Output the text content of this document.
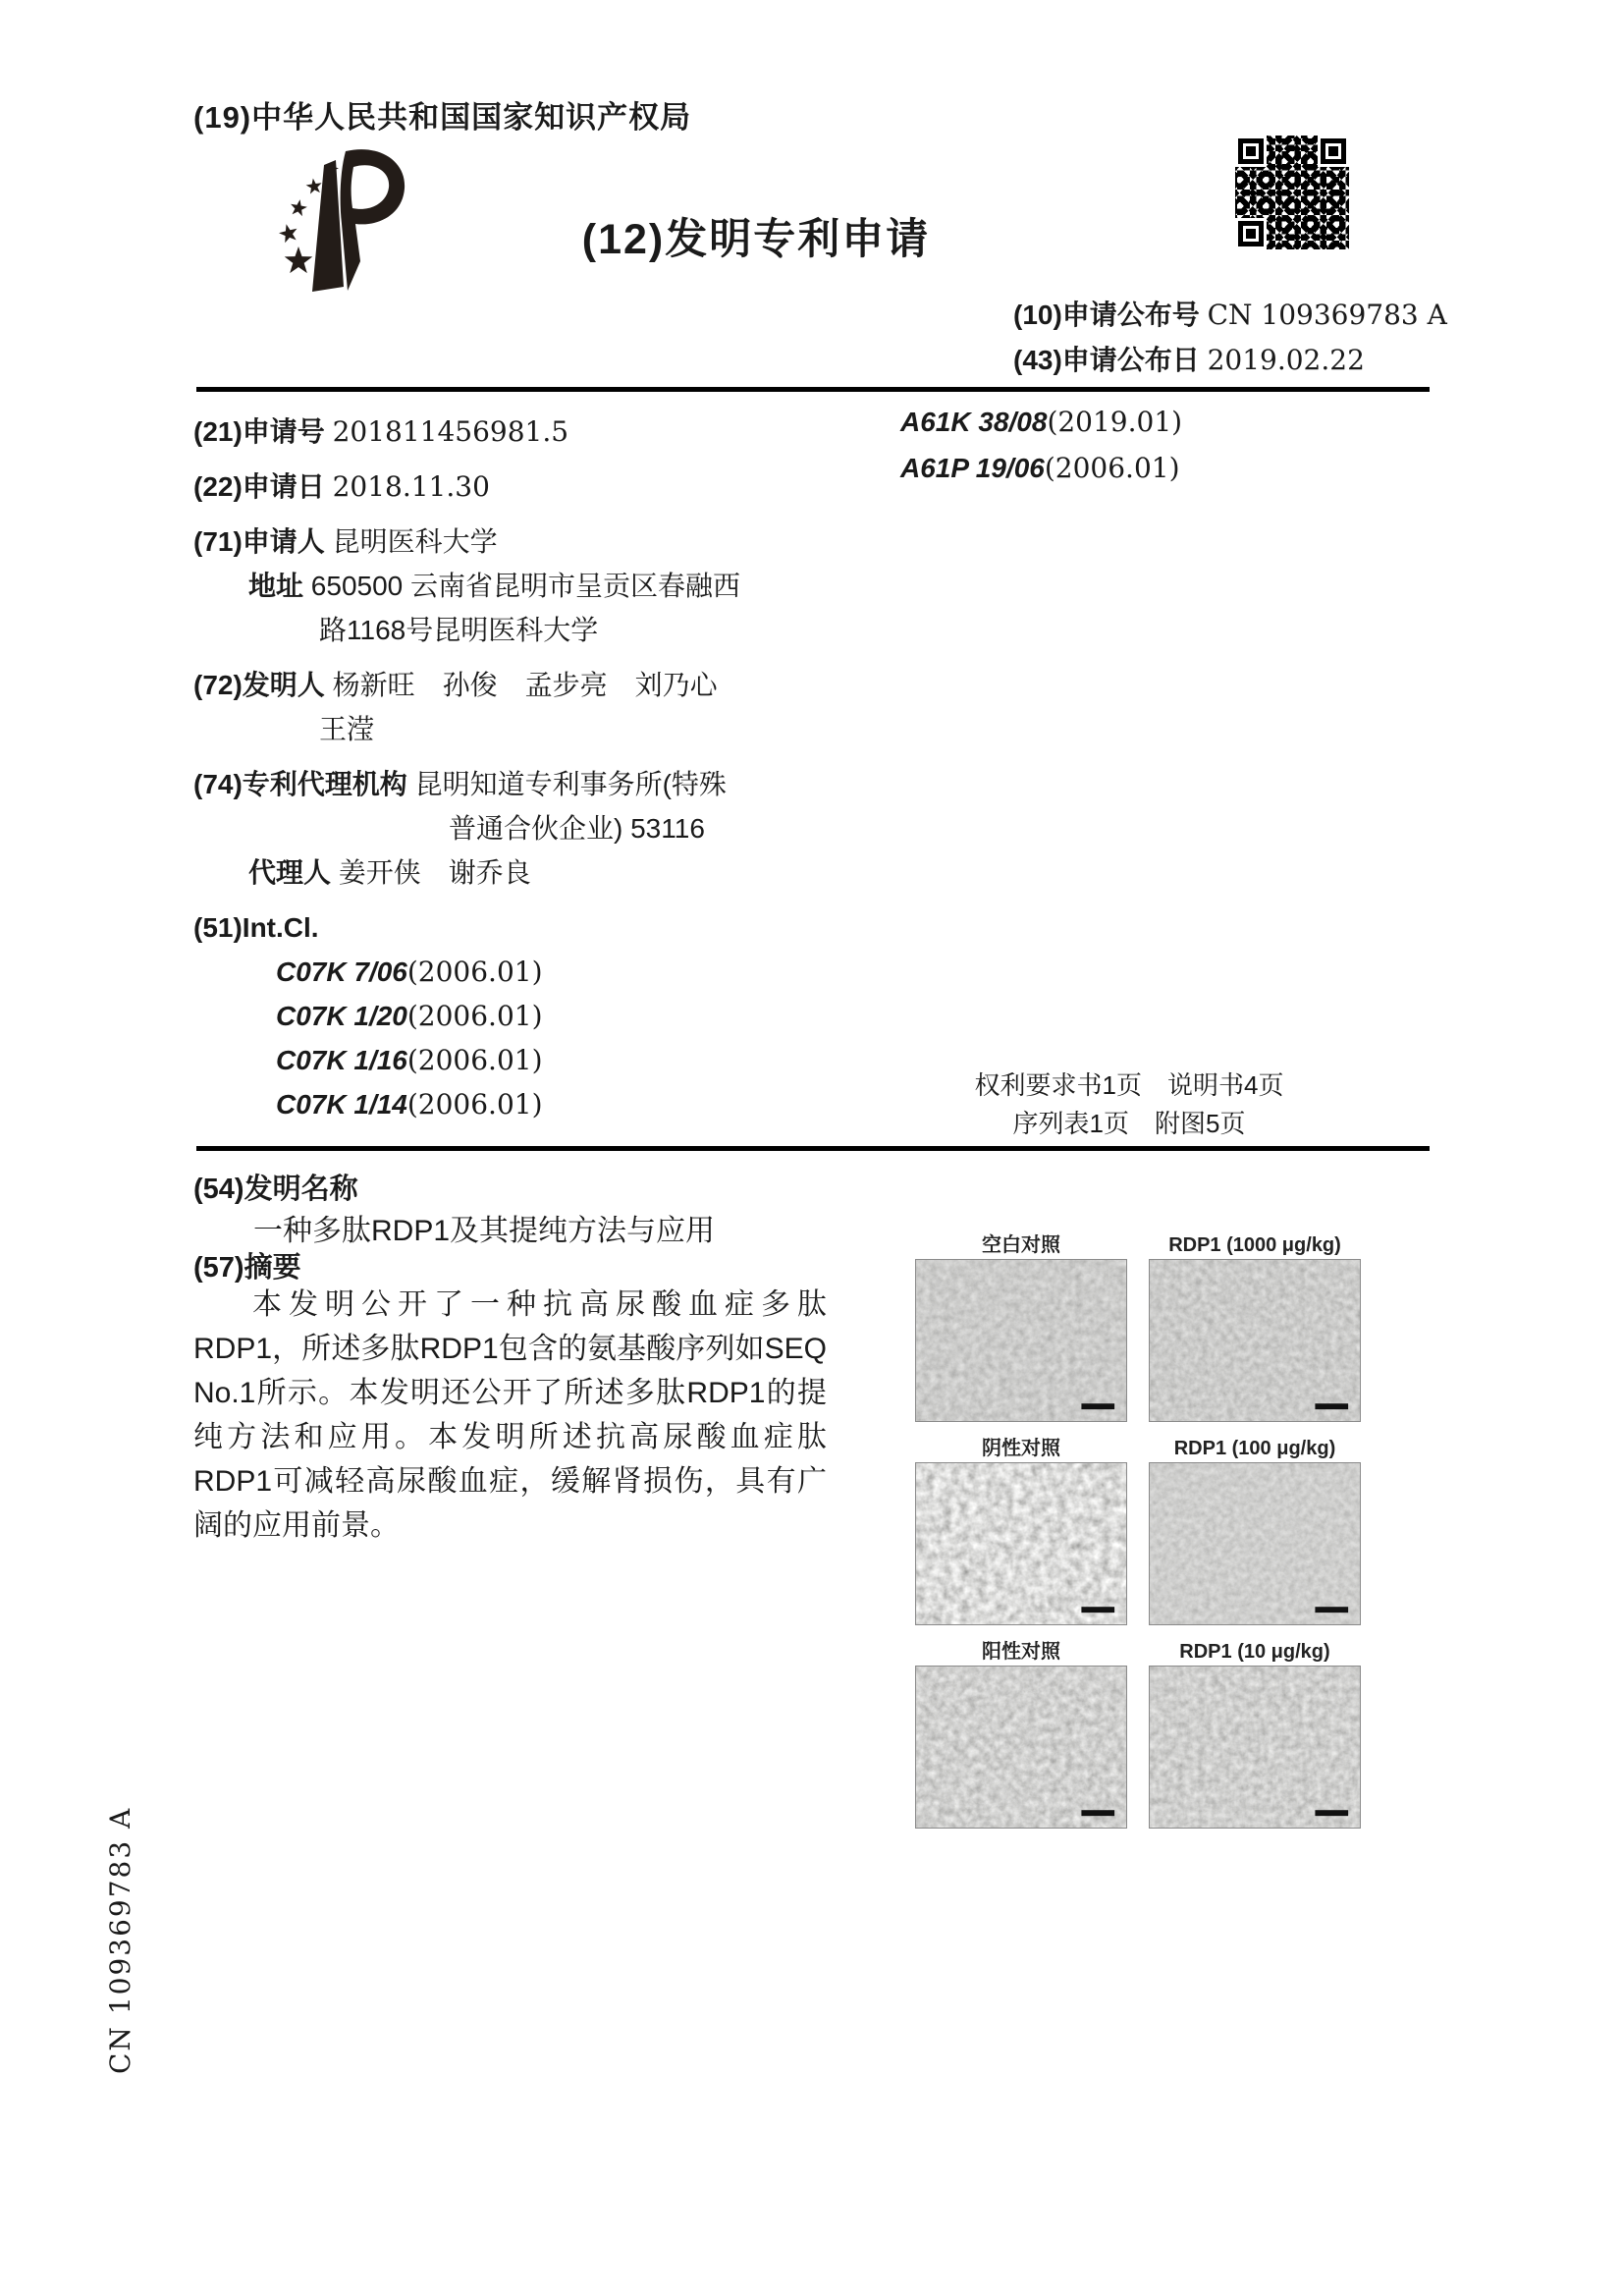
(19)中华人民共和国国家知识产权局
(12)发明专利申请
(10)申请公布号 CN 109369783 A
(43)申请公布日 2019.02.22
(21)申请号 201811456981.5
(22)申请日 2018.11.30
(71)申请人 昆明医科大学
地址 650500 云南省昆明市呈贡区春融西
路1168号昆明医科大学
(72)发明人 杨新旺　孙俊　孟步亮　刘乃心
王滢
(74)专利代理机构 昆明知道专利事务所(特殊
普通合伙企业) 53116
代理人 姜开侠　谢乔良
(51)Int.Cl.
C07K 7/06(2006.01)
C07K 1/20(2006.01)
C07K 1/16(2006.01)
C07K 1/14(2006.01)
A61K 38/08(2019.01)
A61P 19/06(2006.01)
权利要求书1页　说明书4页
序列表1页　附图5页
(54)发明名称
一种多肽RDP1及其提纯方法与应用
(57)摘要
本发明公开了一种抗高尿酸血症多肽RDP1，所述多肽RDP1包含的氨基酸序列如SEQ No.1所示。本发明还公开了所述多肽RDP1的提纯方法和应用。本发明所述抗高尿酸血症肽RDP1可减轻高尿酸血症，缓解肾损伤，具有广阔的应用前景。
空白对照	RDP1 (1000 μg/kg)
阴性对照	RDP1 (100 μg/kg)
阳性对照	RDP1 (10 μg/kg)
CN 109369783 A
